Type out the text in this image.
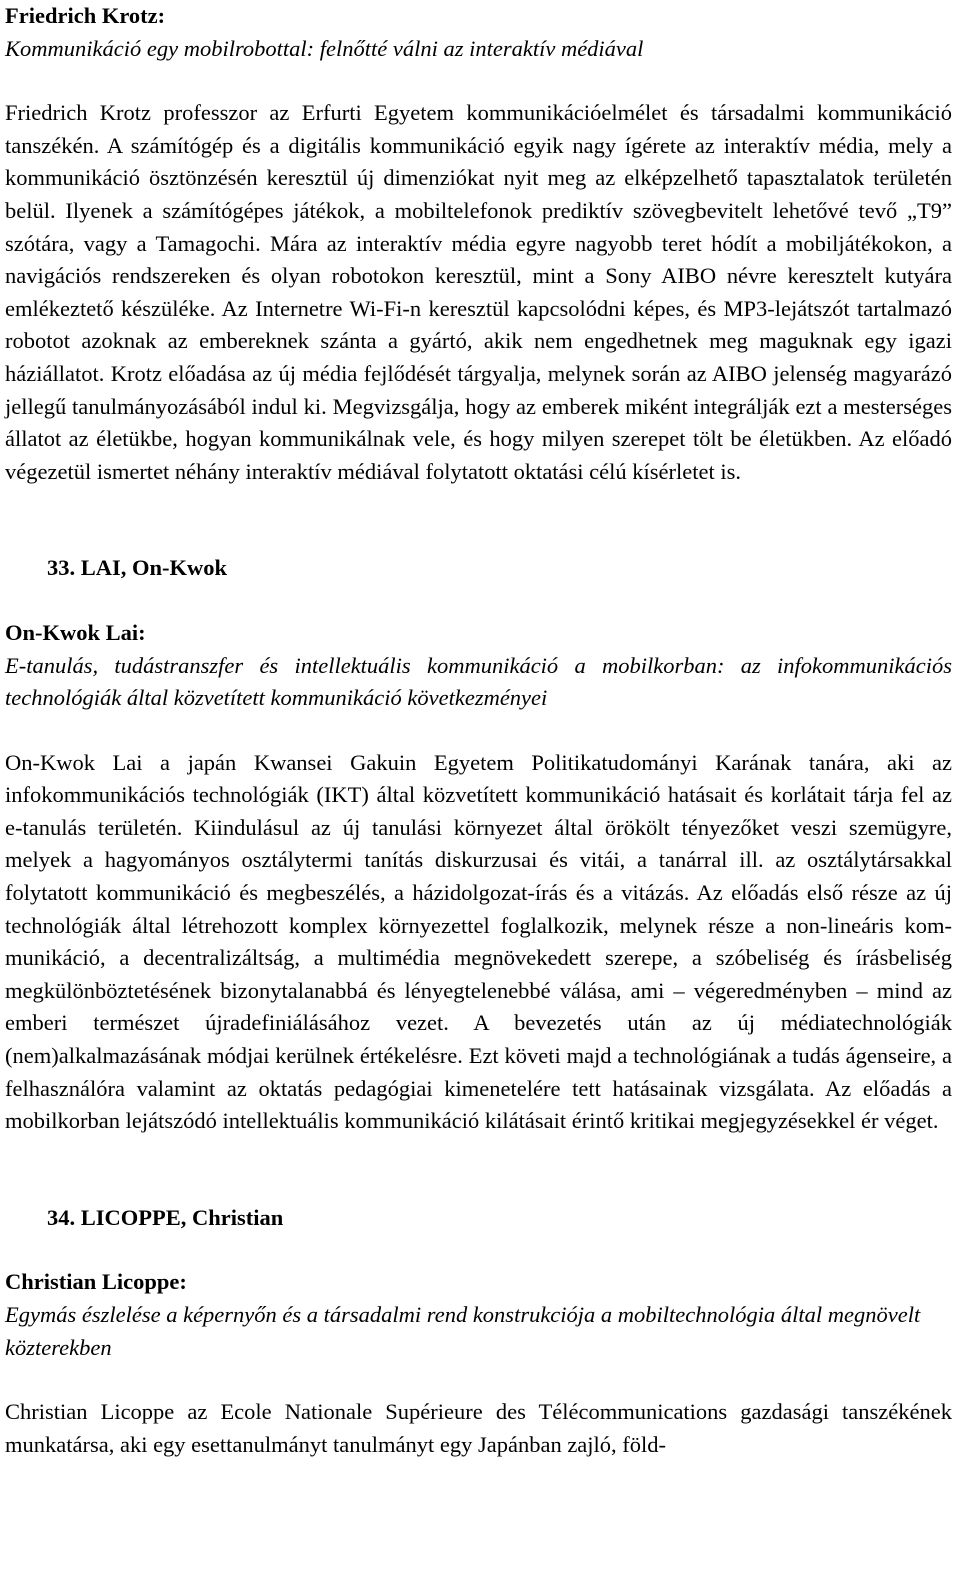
Friedrich Krotz:

Kommunikáció egy mobilrobottal: felnőtté válni az interaktív médiával

Friedrich Krotz professzor az Erfurti Egyetem kommunikációelmélet és társadalmi kommunikáció tanszékén. A számítógép és a digitális kommunikáció egyik nagy ígérete az interaktív média, mely a kommunikáció ösztönzésén keresztül új dimenziókat nyit meg az elképzelhető tapasztalatok területén belül. Ilyenek a számítógépes játékok, a mobiltelefonok prediktív szövegbevitelt lehetővé tevő „T9” szótára, vagy a Tamagochi. Mára az interaktív média egyre nagyobb teret hódít a mobiljátékokon, a navigációs rendszereken és olyan robotokon keresztül, mint a Sony AIBO névre keresztelt kutyára emlékeztető készüléke. Az Internetre Wi-Fi-n keresztül kapcsolódni képes, és MP3-lejátszót tartalmazó robotot azoknak az embereknek szánta a gyártó, akik nem engedhetnek meg maguknak egy igazi háziállatot. Krotz előadása az új média fejlődését tárgyalja, melynek során az AIBO jelenség magyarázó jellegű tanulmányozásából indul ki. Megvizsgálja, hogy az emberek miként integrálják ezt a mesterséges állatot az életükbe, hogyan kommunikálnak vele, és hogy milyen szerepet tölt be életükben. Az előadó végezetül ismertet néhány interaktív médiával folytatott oktatási célú kísérletet is.

33. LAI, On-Kwok

On-Kwok Lai:

E-tanulás, tudástranszfer és intellektuális kommunikáció a mobilkorban: az infokommunikációs technológiák által közvetített kommunikáció következményei

On-Kwok Lai a japán Kwansei Gakuin Egyetem Politikatudományi Karának tanára, aki az infokommunikációs technológiák (IKT) által közvetített kommunikáció hatásait és korlátait tárja fel az e-tanulás területén. Kiindulásul az új tanulási környezet által örökölt tényezőket veszi szemügyre, melyek a hagyományos osztálytermi tanítás diskurzusai és vitái, a tanárral ill. az osztálytársakkal folytatott kommunikáció és megbeszélés, a házidolgozat-írás és a vitázás. Az előadás első része az új technológiák által létrehozott komplex környezettel foglalkozik, melynek része a non-lineáris kommunikáció, a decentralizáltság, a multimédia megnövekedett szerepe, a szóbeliség és írásbeliség megkülönböztetésének bizonytalanabbá és lényegtelenebbé válása, ami – végeredményben – mind az emberi természet újradefiniálásához vezet. A bevezetés után az új médiatechnológiák (nem)alkalmazásának módjai kerülnek értékelésre. Ezt követi majd a technológiának a tudás ágenseire, a felhasználóra valamint az oktatás pedagógiai kimenetelére tett hatásainak vizsgálata. Az előadás a mobilkorban lejátszódó intellektuális kommunikáció kilátásait érintő kritikai megjegyzésekkel ér véget.

34. LICOPPE, Christian

Christian Licoppe:

Egymás észlelése a képernyőn és a társadalmi rend konstrukciója a mobiltechnológia által megnövelt közterekben

Christian Licoppe az Ecole Nationale Supérieure des Télécommunications gazdasági tanszékének munkatársa, aki egy esettanulmányt tanulmányt egy Japánban zajló, föld-
